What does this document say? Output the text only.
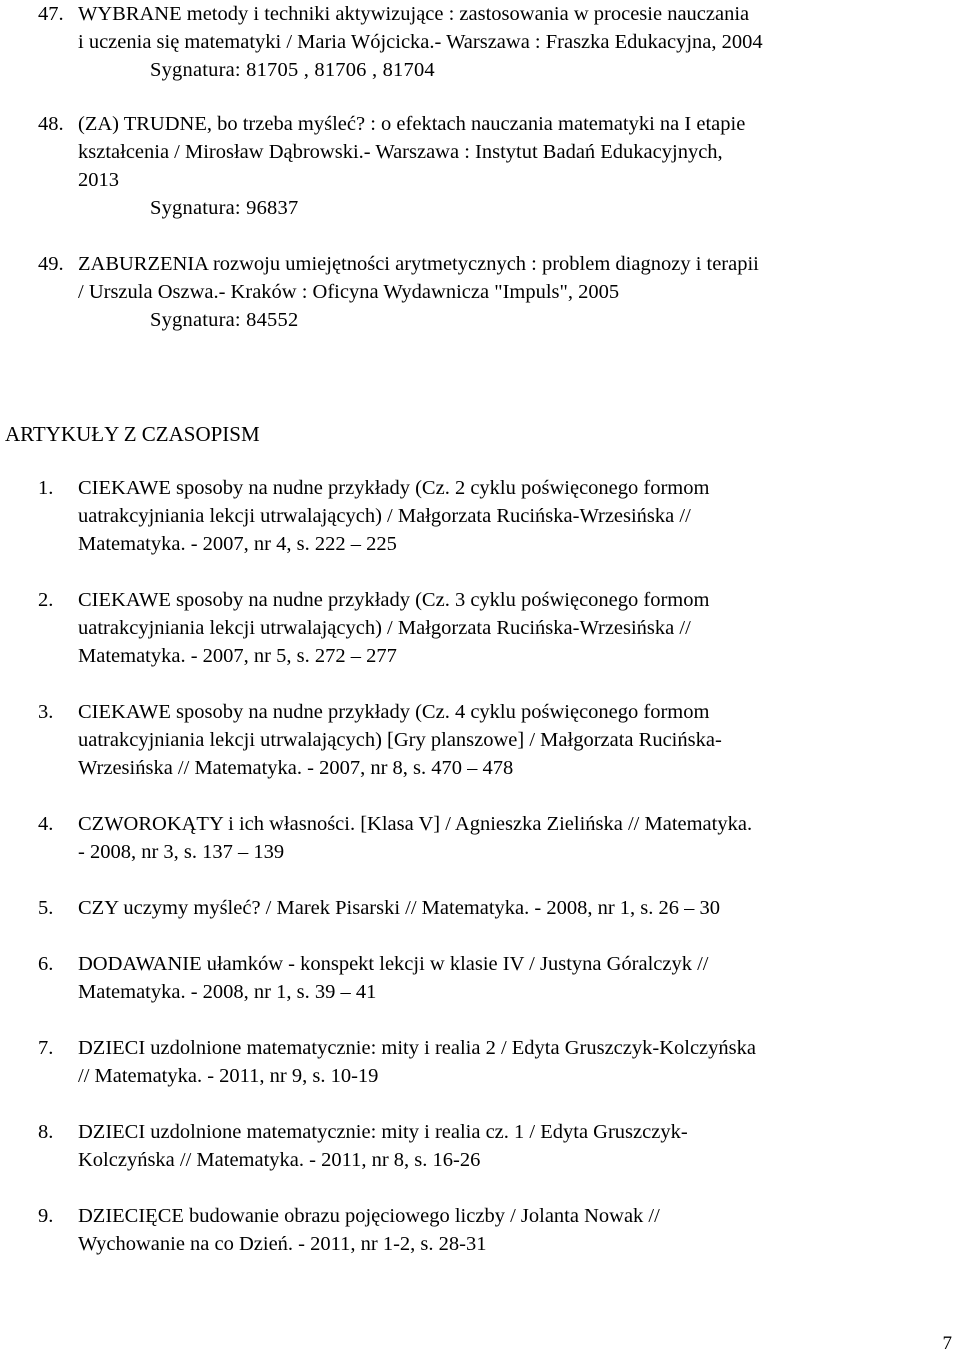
47. WYBRANE metody i techniki aktywizujące : zastosowania w procesie nauczania
i uczenia się matematyki / Maria Wójcicka.- Warszawa : Fraszka Edukacyjna, 2004
Sygnatura:
81705 , 81706 , 81704
48. (ZA) TRUDNE, bo trzeba myśleć? : o efektach nauczania matematyki na I etapie
kształcenia / Mirosław Dąbrowski.- Warszawa : Instytut Badań Edukacyjnych,
2013
Sygnatura:
96837
49. ZABURZENIA rozwoju umiejętności arytmetycznych : problem diagnozy i terapii
/ Urszula Oszwa.- Kraków : Oficyna Wydawnicza "Impuls", 2005
Sygnatura:
84552
ARTYKUŁY Z CZASOPISM
1.	CIEKAWE sposoby na nudne przykłady (Cz. 2 cyklu poświęconego formom
uatrakcyjniania lekcji utrwalających) / Małgorzata Rucińska-Wrzesińska //
Matematyka. - 2007, nr 4, s. 222 – 225
2.	CIEKAWE sposoby na nudne przykłady (Cz. 3 cyklu poświęconego formom
uatrakcyjniania lekcji utrwalających) / Małgorzata Rucińska-Wrzesińska //
Matematyka. - 2007, nr 5, s. 272 – 277
3.	CIEKAWE sposoby na nudne przykłady (Cz. 4 cyklu poświęconego formom
uatrakcyjniania lekcji utrwalających) [Gry planszowe] / Małgorzata Rucińska-
Wrzesińska // Matematyka. - 2007, nr 8, s. 470 – 478
4.	CZWOROKĄTY i ich własności. [Klasa V] / Agnieszka Zielińska // Matematyka.
- 2008, nr 3, s. 137 – 139
5.	CZY uczymy myśleć? / Marek Pisarski // Matematyka. - 2008, nr 1, s. 26 – 30
6.	DODAWANIE ułamków - konspekt lekcji w klasie IV / Justyna Góralczyk //
Matematyka. - 2008, nr 1, s. 39 – 41
7.	DZIECI uzdolnione matematycznie: mity i realia 2 / Edyta Gruszczyk-Kolczyńska
// Matematyka. - 2011, nr 9, s. 10-19
8.	DZIECI uzdolnione matematycznie: mity i realia cz. 1 / Edyta Gruszczyk-
Kolczyńska // Matematyka. - 2011, nr 8, s. 16-26
9.	DZIECIĘCE budowanie obrazu pojęciowego liczby / Jolanta Nowak //
Wychowanie na co Dzień. - 2011, nr 1-2, s. 28-31
7
